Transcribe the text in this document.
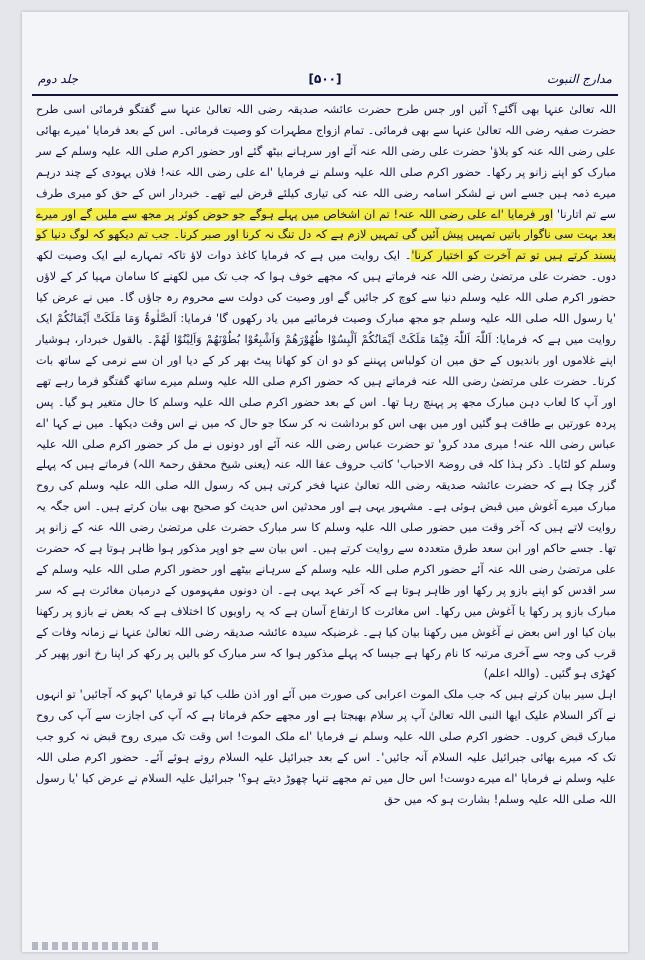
مدارج النبوت
[۵۰۰]
جلد دوم

اللہ تعالیٰ عنہا بھی آگئے؟ آئیں اور جس طرح حضرت عائشہ صدیقہ رضی اللہ تعالیٰ عنہا سے گفتگو فرمائی اسی طرح حضرت صفیہ رضی اللہ تعالیٰ عنہا سے بھی فرمائی۔ تمام ازواج مطہرات کو وصیت فرمائی۔ اس کے بعد فرمایا 'میرے بھائی علی رضی اللہ عنہ کو بلاؤ' حضرت علی رضی اللہ عنہ آئے اور سرہانے بیٹھ گئے اور حضور اکرم صلی اللہ علیہ وسلم کے سر مبارک کو اپنے زانو پر رکھا۔ حضور اکرم صلی اللہ علیہ وسلم نے فرمایا 'اے علی رضی اللہ عنہ! فلاں یہودی کے چند درہم میرے ذمہ ہیں جسے اس نے لشکر اسامہ رضی اللہ عنہ کی تیاری کیلئے قرض لیے تھے۔ خبردار اس کے حق کو میری طرف سے تم اتارنا' اور فرمایا 'اے علی رضی اللہ عنہ! تم ان اشخاص میں پہلے ہوگے جو حوض کوثر پر مجھ سے ملیں گے اور میرے بعد بہت سی ناگوار باتیں تمہیں پیش آئیں گی تمہیں لازم ہے کہ دل تنگ نہ کرنا اور صبر کرنا۔ جب تم دیکھو کہ لوگ دنیا کو پسند کرتے ہیں تو تم آخرت کو اختیار کرنا'۔ ایک روایت میں ہے کہ فرمایا کاغذ دوات لاؤ تاکہ تمہارے لیے ایک وصیت لکھ دوں۔ حضرت علی مرتضیٰ رضی اللہ عنہ فرماتے ہیں کہ مجھے خوف ہوا کہ جب تک میں لکھنے کا سامان مہیا کر کے لاؤں حضور اکرم صلی اللہ علیہ وسلم دنیا سے کوچ کر جائیں گے اور وصیت کی دولت سے محروم رہ جاؤں گا۔ میں نے عرض کیا 'یا رسول اللہ صلی اللہ علیہ وسلم جو مجھ مبارک وصیت فرمائیے میں یاد رکھوں گا' فرمایا: اَلصَّلٰوۃُ وَمَا مَلَکَتْ اَیْمَانُکُمْ ایک روایت میں ہے کہ فرمایا: اَللّٰہَ اَللّٰہَ فِیْمَا مَلَکَتْ اَیْمَانُکُمْ اَلْبِسُوْا ظُھُوْرَھُمْ وَاَشْبِعُوْا بُطُوْنَھُمْ وَاَلِیْنُوْا لَھُمْ۔ بالقول خبردار، ہوشیار اپنے غلاموں اور باندیوں کے حق میں ان کولباس پہننے کو دو ان کو کھانا پیٹ بھر کر کے دیا اور ان سے نرمی کے ساتھ بات کرنا۔ حضرت علی مرتضیٰ رضی اللہ عنہ فرماتے ہیں کہ حضور اکرم صلی اللہ علیہ وسلم میرے ساتھ گفتگو فرما رہے تھے اور آپ کا لعاب دہن مبارک مجھ پر پہنچ رہا تھا۔ اس کے بعد حضور اکرم صلی اللہ علیہ وسلم کا حال متغیر ہو گیا۔ پس پردہ عورتیں بے طاقت ہو گئیں اور میں بھی اس کو برداشت نہ کر سکا جو حال کہ میں نے اس وقت دیکھا۔ میں نے کہا 'اے عباس رضی اللہ عنہ! میری مدد کرو' تو حضرت عباس رضی اللہ عنہ آئے اور دونوں نے مل کر حضور اکرم صلی اللہ علیہ وسلم کو لٹایا۔ ذکر ہذا کلہ فی روضۃ الاحباب' کاتب حروف عفا اللہ عنہ (یعنی شیخ محقق رحمۃ اللہ) فرماتے ہیں کہ پہلے گزر چکا ہے کہ حضرت عائشہ صدیقہ رضی اللہ تعالیٰ عنہا فخر کرتی ہیں کہ رسول اللہ صلی اللہ علیہ وسلم کی روح مبارک میرے آغوش میں قبض ہوئی ہے۔ مشہور یہی ہے اور محدثین اس حدیث کو صحیح بھی بیان کرتے ہیں۔ اس جگہ یہ روایت لاتے ہیں کہ آخر وقت میں حضور صلی اللہ علیہ وسلم کا سر مبارک حضرت علی مرتضیٰ رضی اللہ عنہ کے زانو پر تھا۔ جسے حاکم اور ابن سعد طرق متعددہ سے روایت کرتے ہیں۔ اس بیان سے جو اوپر مذکور ہوا ظاہر ہوتا ہے کہ حضرت علی مرتضیٰ رضی اللہ عنہ آئے حضور اکرم صلی اللہ علیہ وسلم کے سرہانے بیٹھے اور حضور اکرم صلی اللہ علیہ وسلم کے سر اقدس کو اپنے بازو پر رکھا اور ظاہر ہوتا ہے کہ آخر عہد یہی ہے۔ ان دونوں مفہوموں کے درمیان مغائرت ہے کہ سر مبارک بازو پر رکھا یا آغوش میں رکھا۔ اس مغائرت کا ارتفاع آسان ہے کہ یہ راویوں کا اختلاف ہے کہ بعض نے بازو پر رکھنا بیان کیا اور اس بعض نے آغوش میں رکھنا بیان کیا ہے۔ غرضیکہ سیدہ عائشہ صدیقہ رضی اللہ تعالیٰ عنہا نے زمانہ وفات کے قرب کی وجہ سے آخری مرتبہ کا نام رکھا ہے جیسا کہ پہلے مذکور ہوا کہ سر مبارک کو بالیں پر رکھ کر اپنا رخ انور پھیر کر کھڑی ہو گئیں۔ (واللہ اعلم)

اہل سیر بیان کرتے ہیں کہ جب ملک الموت اعرابی کی صورت میں آئے اور اذن طلب کیا تو فرمایا 'کہو کہ آجائیں' تو انہوں نے آکر السلام علیک ایھا النبی اللہ تعالیٰ آپ پر سلام بھیجتا ہے اور مجھے حکم فرماتا ہے کہ آپ کی اجازت سے آپ کی روح مبارک قبض کروں۔ حضور اکرم صلی اللہ علیہ وسلم نے فرمایا 'اے ملک الموت! اس وقت تک میری روح قبض نہ کرو جب تک کہ میرے بھائی جبرائیل علیہ السلام آنہ جائیں'۔ اس کے بعد جبرائیل علیہ السلام روتے ہوئے آئے۔ حضور اکرم صلی اللہ علیہ وسلم نے فرمایا 'اے میرے دوست! اس حال میں تم مجھے تنہا چھوڑ دیتے ہو؟' جبرائیل علیہ السلام نے عرض کیا 'یا رسول اللہ صلی اللہ علیہ وسلم! بشارت ہو کہ میں حق
